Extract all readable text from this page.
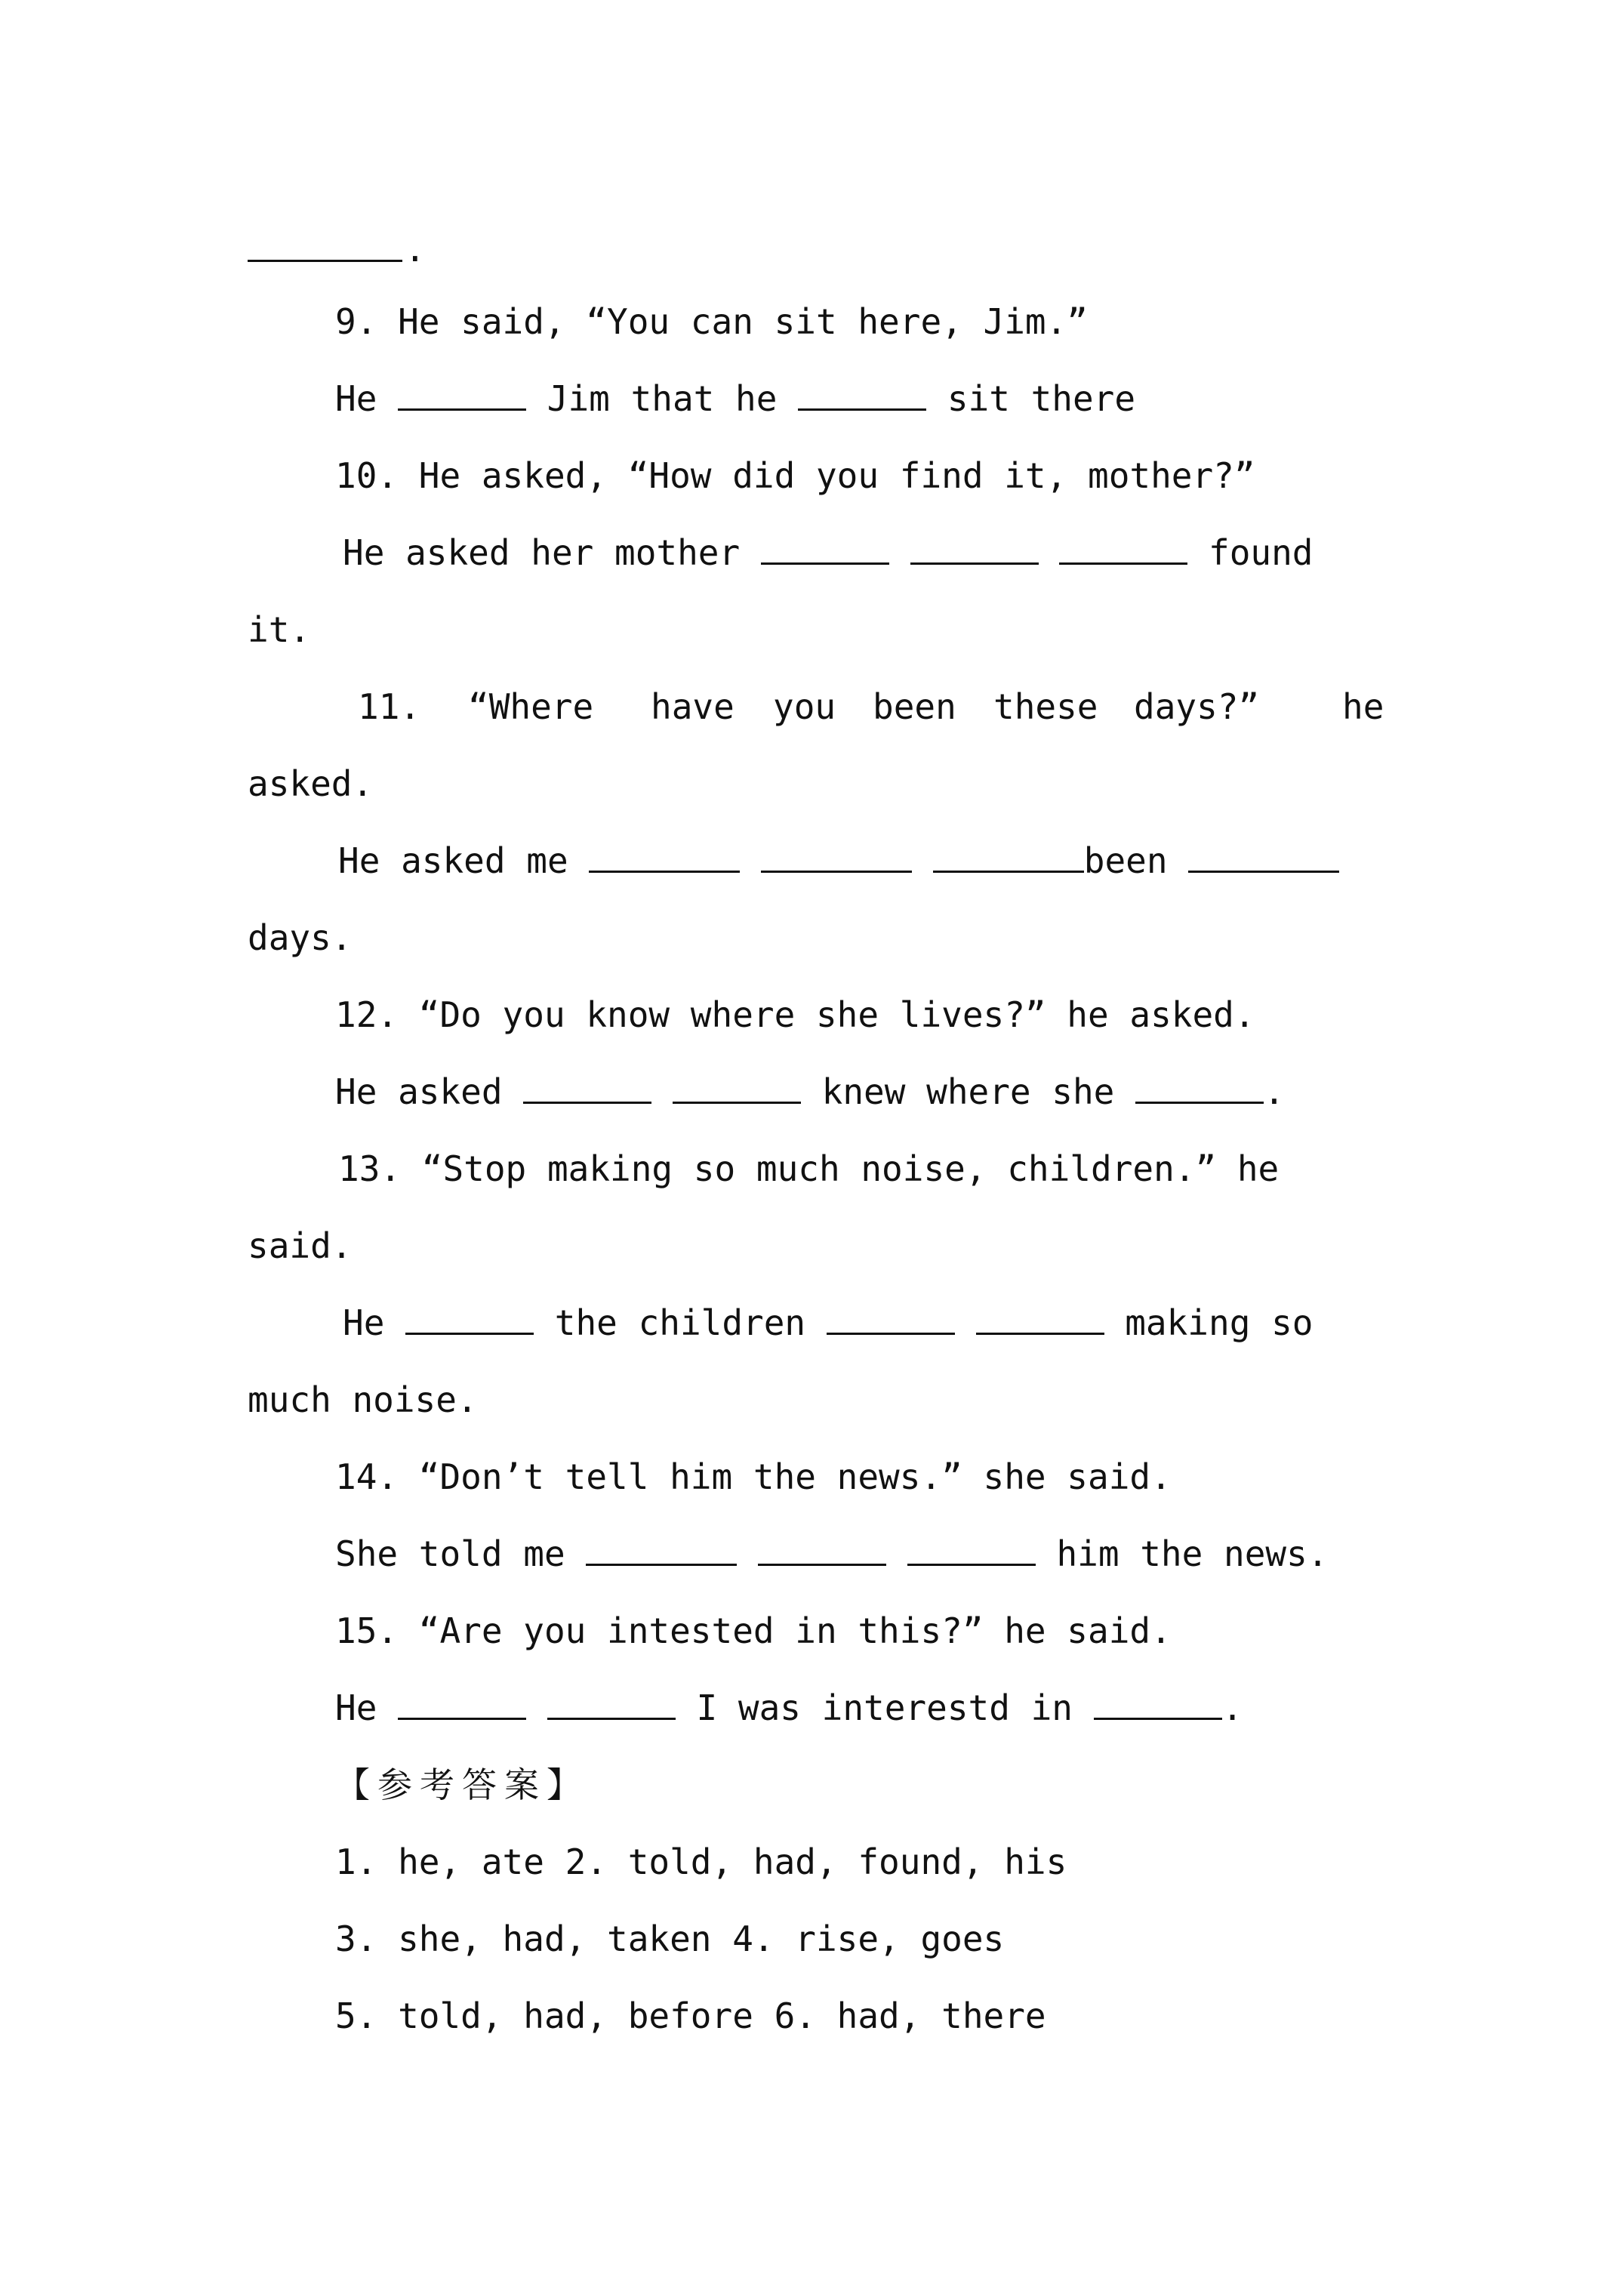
.
9. He said, “You can sit here, Jim.”
He	Jim that he	sit there
10. He asked, “How did you find it, mother?”
He asked her mother	found
it.
11. “Where have you been these days?” he
asked.
He asked me	been
days.
12. “Do you know where she lives?” he asked.
He asked	knew where she	.
13. “Stop making so much noise, children.” he
said.
He	the children	making so
much noise.
14. “Don’t tell him the news.” she said.
She told me	him the news.
15. “Are you intested in this?” he said.
He	I was interestd in	.
【参考答案】
1. he, ate 2. told, had, found, his
3. she, had, taken 4. rise, goes
5. told, had, before 6. had, there
